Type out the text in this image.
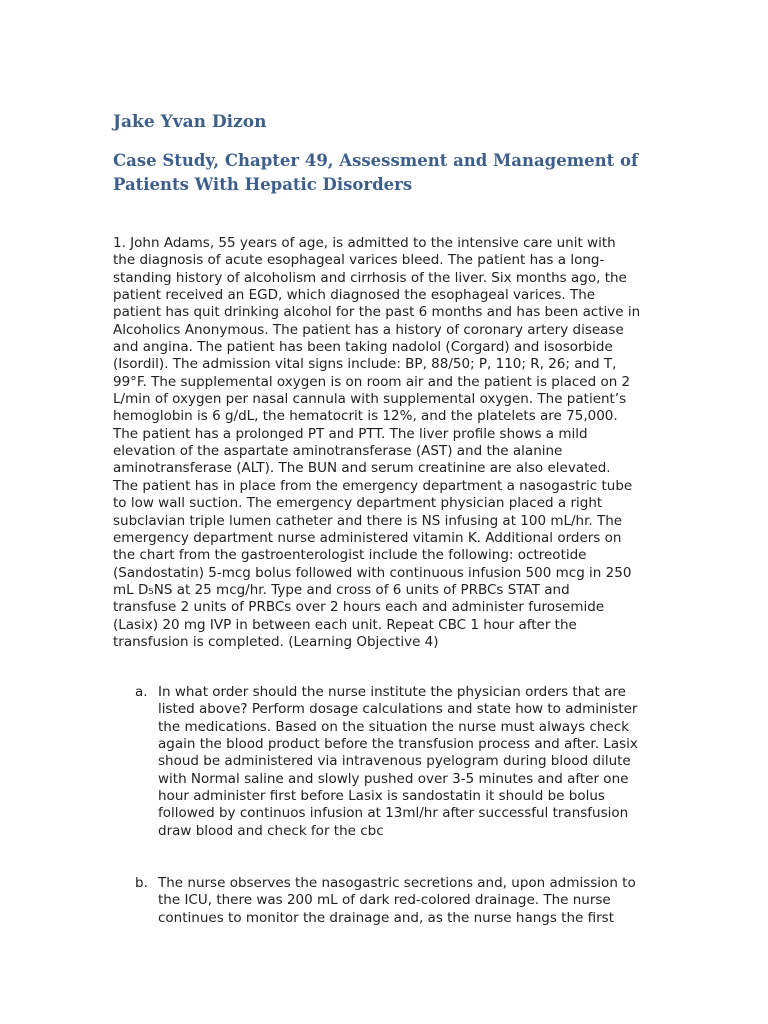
Jake Yvan Dizon
Case Study, Chapter 49, Assessment and Management of Patients With Hepatic Disorders

1. John Adams, 55 years of age, is admitted to the intensive care unit with
the diagnosis of acute esophageal varices bleed. The patient has a long-
standing history of alcoholism and cirrhosis of the liver. Six months ago, the
patient received an EGD, which diagnosed the esophageal varices. The
patient has quit drinking alcohol for the past 6 months and has been active in
Alcoholics Anonymous. The patient has a history of coronary artery disease
and angina. The patient has been taking nadolol (Corgard) and isosorbide
(Isordil). The admission vital signs include: BP, 88/50; P, 110; R, 26; and T,
99°F. The supplemental oxygen is on room air and the patient is placed on 2
L/min of oxygen per nasal cannula with supplemental oxygen. The patient’s
hemoglobin is 6 g/dL, the hematocrit is 12%, and the platelets are 75,000.
The patient has a prolonged PT and PTT. The liver profile shows a mild
elevation of the aspartate aminotransferase (AST) and the alanine
aminotransferase (ALT). The BUN and serum creatinine are also elevated.
The patient has in place from the emergency department a nasogastric tube
to low wall suction. The emergency department physician placed a right
subclavian triple lumen catheter and there is NS infusing at 100 mL/hr. The
emergency department nurse administered vitamin K. Additional orders on
the chart from the gastroenterologist include the following: octreotide
(Sandostatin) 5-mcg bolus followed with continuous infusion 500 mcg in 250
mL D₅NS at 25 mcg/hr. Type and cross of 6 units of PRBCs STAT and
transfuse 2 units of PRBCs over 2 hours each and administer furosemide
(Lasix) 20 mg IVP in between each unit. Repeat CBC 1 hour after the
transfusion is completed. (Learning Objective 4)

a. In what order should the nurse institute the physician orders that are
listed above? Perform dosage calculations and state how to administer
the medications. Based on the situation the nurse must always check
again the blood product before the transfusion process and after. Lasix
shoud be administered via intravenous pyelogram during blood dilute
with Normal saline and slowly pushed over 3-5 minutes and after one
hour administer first before Lasix is sandostatin it should be bolus
followed by continuos infusion at 13ml/hr after successful transfusion
draw blood and check for the cbc
b. The nurse observes the nasogastric secretions and, upon admission to
the ICU, there was 200 mL of dark red-colored drainage. The nurse
continues to monitor the drainage and, as the nurse hangs the first
